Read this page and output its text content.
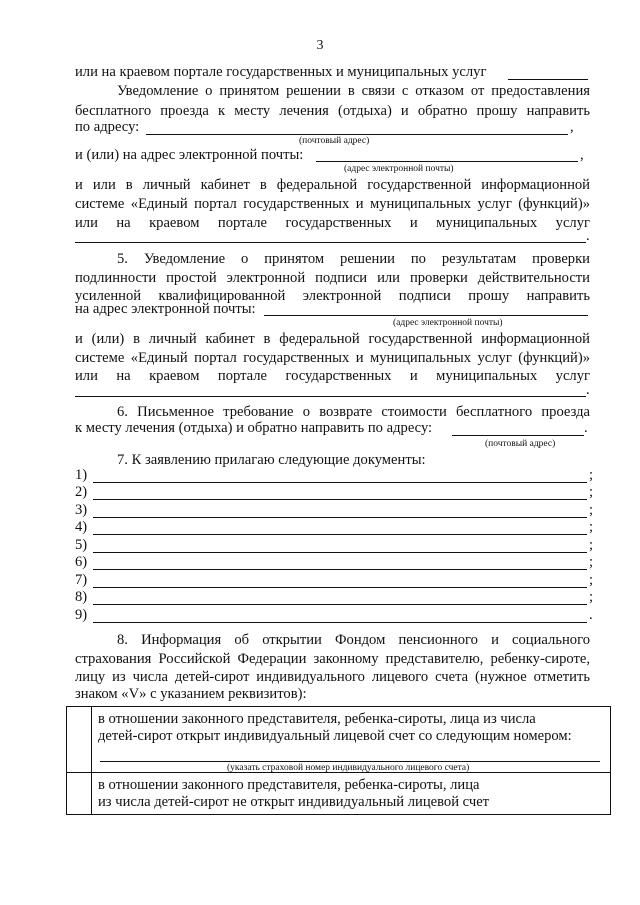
3
или на краевом портале государственных и муниципальных услуг
Уведомление о принятом решении в связи с отказом от предоставления
бесплатного проезда к месту лечения (отдыха) и обратно прошу направить
по адресу:	,
(почтовый адрес)
и (или) на адрес электронной почты:	,
(адрес электронной почты)
и или в личный кабинет в федеральной государственной информационной
системе «Единый портал государственных и муниципальных услуг (функций)»
или на краевом портале государственных и муниципальных услуг
.
5. Уведомление о принятом решении по результатам проверки
подлинности простой электронной подписи или проверки действительности
усиленной квалифицированной электронной подписи прошу направить
на адрес электронной почты:
(адрес электронной почты)
и (или) в личный кабинет в федеральной государственной информационной
системе «Единый портал государственных и муниципальных услуг (функций)»
или на краевом портале государственных и муниципальных услуг
.
6. Письменное требование о возврате стоимости бесплатного проезда
к месту лечения (отдыха) и обратно направить по адресу:	.
(почтовый адрес)
7. К заявлению прилагаю следующие документы:
1)	;
2)	;
3)	;
4)	;
5)	;
6)	;
7)	;
8)	;
9)	.
8. Информация об открытии Фондом пенсионного и социального
страхования Российской Федерации законному представителю, ребенку-сироте,
лицу из числа детей-сирот индивидуального лицевого счета (нужное отметить
знаком «V» с указанием реквизитов):

	в отношении законного представителя, ребенка-сироты, лица из числа
детей-сирот открыт индивидуальный лицевой счет со следующим номером:
(указать страховой номер индивидуального лицевого счета)

	в отношении законного представителя, ребенка-сироты, лица
из числа детей-сирот не открыт индивидуальный лицевой счет
